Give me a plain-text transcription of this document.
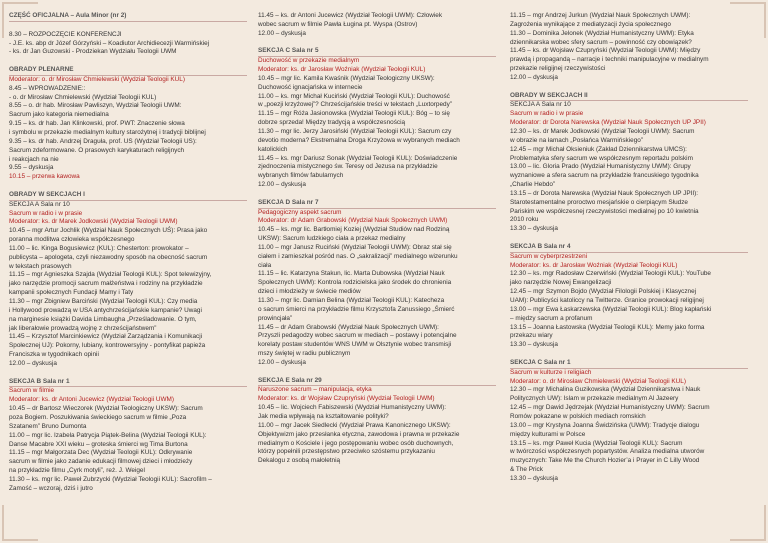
CZĘŚĆ OFICJALNA – Aula Minor (nr 2)
8.30 – ROZPOCZĘCIE KONFERENCJI
- J.E. ks. abp dr Józef Górzyński – Koadiutor Archidiecezji Warmińskiej
- ks. dr Jan Guzowski - Prodziekan Wydziału Teologii UWM
OBRADY PLENARNE
Moderator: o. dr Mirosław Chmielewski (Wydział Teologii KUL)
8.45 – WPROWADZENIE::
- o. dr Mirosław Chmielewski (Wydział Teologii KUL)
8.55 – o. dr hab. Mirosław Pawliszyn, Wydział Teologii UWM:
Sacrum jako kategoria niemedialna
9.15 – ks. dr hab. Jan Klinkowski, prof. PWT: Znaczenie słowa
i symbolu w przekazie medialnym kultury starożytnej i tradycji biblijnej
9.35 – ks. dr hab. Andrzej Draguła, prof. US (Wydział Teologii US):
Sacrum zdeformowane. O prasowych karykaturach religijnych
i reakcjach na nie
9.55 – dyskusja
10.15 – przerwa kawowa
OBRADY W SEKCJACH I
SEKCJA A Sala nr 10
Sacrum w radio i w prasie
Moderator: ks. dr Marek Jodkowski (Wydział Teologii UWM)
10.45 – mgr Artur Jochlik (Wydział Nauk Społecznych UŚ): Prasa jako
poranna modlitwa człowieka współczesnego
11.00 – lic. Kinga Bogusiewicz (KUL): Chesterton: prowokator –
publicysta – apologeta, czyli niezawodny sposób na obecność sacrum
w tekstach prasowych
11.15 – mgr Agnieszka Szajda (Wydział Teologii KUL): Spot telewizyjny,
jako narzędzie promocji sacrum małżeństwa i rodziny na przykładzie
kampanii społecznych Fundacji Mamy i Taty
11.30 – mgr Zbigniew Barciński (Wydział Teologii KUL): Czy media
i Hollywood prowadzą w USA antychrześcijańskie kampanie? Uwagi
na marginesie książki Davida Limbaugha „Prześladowanie. O tym,
jak liberałowie prowadzą wojnę z chrześcijaństwem”
11.45 – Krzysztof Marcinkiewicz (Wydział Zarządzania i Komunikacji
Społecznej UJ): Pokorny, lubiany, kontrowersyjny - pontyfikat papieża
Franciszka w tygodnikach opinii
12.00 – dyskusja
SEKCJA B Sala nr 1
Sacrum w filmie
Moderator: ks. dr Antoni Jucewicz (Wydział Teologii UWM)
10.45 – dr Bartosz Wieczorek (Wydział Teologiczny UKSW): Sacrum
poza Bogiem. Poszukiwania świeckiego sacrum w filmie „Poza
Szatanem” Bruno Dumonta
11.00 – mgr lic. Izabela Patrycja Piątek-Belina (Wydział Teologii KUL):
Danse Macabre XXI wieku – groteska śmierci wg Tima Burtona
11.15 – mgr Małgorzata Dec (Wydział Teologii KUL): Odkrywanie
sacrum w filmie jako zadanie edukacji filmowej dzieci i młodzieży
na przykładzie filmu „Cyrk motyli”, reż. J. Weigel
11.30 – ks. mgr lic. Paweł Zubrzycki (Wydział Teologii KUL): Sacrofilm –
Zamość – wczoraj, dziś i jutro
11.45 – ks. dr Antoni Jucewicz (Wydział Teologii UWM): Człowiek
wobec sacrum w filmie Pawła Ługina pt. Wyspa (Ostrov)
12.00 – dyskusja
SEKCJA C Sala nr 5
Duchowość w przekazie medialnym
Moderator: ks. dr Jarosław Woźniak (Wydział Teologii KUL)
10.45 – mgr lic. Kamila Kwaśnik (Wydział Teologiczny UKSW):
Duchowość ignacjańska w internecie
11.00 – ks. mgr Michał Kuciński (Wydział Teologii KUL): Duchowość
w „poezji krzyżowej”? Chrześcijańskie treści w tekstach „Luxtorpedy”
11.15 – mgr Róża Jasionowska (Wydział Teologii KUL): Bóg – to się
dobrze sprzeda! Między tradycją a współczesnością
11.30 – mgr lic. Jerzy Jarosiński (Wydział Teologii KUL): Sacrum czy
devotio moderna? Ekstremalna Droga Krzyżowa w wybranych mediach
katolickich
11.45 – ks. mgr Dariusz Sonak (Wydział Teologii KUL): Doświadczenie
zjednoczenia mistycznego św. Teresy od Jezusa na przykładzie
wybranych filmów fabularnych
12.00 – dyskusja
SEKCJA D Sala nr 7
Pedagogiczny aspekt sacrum
Moderator: dr Adam Grabowski (Wydział Nauk Społecznych UWM)
10.45 – ks. mgr lic. Bartłomiej Koziej (Wydział Studiów nad Rodziną
UKSW): Sacrum ludzkiego ciała a przekaz medialny
11.00 – mgr Janusz Ruciński (Wydział Teologii UWM): Obraz stał się
ciałem i zamieszkał pośród nas. O „sakralizacji” medialnego wizerunku
ciała
11.15 – lic. Katarzyna Stakun, lic. Marta Dubowska (Wydział Nauk
Społecznych UWM): Kontrola rodzicielska jako środek do chronienia
dzieci i młodzieży w świecie mediów
11.30 – mgr lic. Damian Belina (Wydział Teologii KUL): Katecheza
o sacrum śmierci na przykładzie filmu Krzysztofa Zanussiego „Śmierć
prowincjała”
11.45 – dr Adam Grabowski (Wydział Nauk Społecznych UWM):
Przyszli pedagodzy wobec sacrum w mediach – postawy i potencjalne
korelaty postaw studentów WNS UWM w Olsztynie wobec transmisji
mszy świętej w radiu publicznym
12.00 – dyskusja
SEKCJA E Sala nr 29
Naruszone sacrum – manipulacja, etyka
Moderator: ks. dr Wojsław Czupryński (Wydział Teologii UWM)
10.45 – lic. Wojciech Fabiszewski (Wydział Humanistyczny UWM):
Jak media wpływają na kształtowanie polityki?
11.00 – mgr Jacek Siedlecki (Wydział Prawa Kanonicznego UKSW):
Objektywizm jako przesłanka etyczna, zawodowa i prawna w przekazie
medialnym o Kościele i jego postępowaniu wobec osób duchownych,
którzy popełnili przestępstwo przeciwko szóstemu przykazaniu
Dekalogu z osobą małoletnią
11.15 – mgr Andrzej Jurkun (Wydział Nauk Społecznych UWM):
Zagrożenia wynikające z mediatyzacji życia społecznego
11.30 – Dominika Jelonek (Wydział Humanistyczny UWM): Etyka
dziennikarska wobec sfery sacrum – powinność czy obowiązek?
11.45 – ks. dr Wojsław Czupryński (Wydział Teologii UWM): Między
prawdą i propagandą – narracje i techniki manipulacyjne w medialnym
przekazie religijnej rzeczywistości
12.00 – dyskusja
OBRADY W SEKCJACH II
SEKCJA A Sala nr 10
Sacrum w radio i w prasie
Moderator: dr Dorota Narewska (Wydział Nauk Społecznych UP JPII)
12.30 – ks. dr Marek Jodkowski (Wydział Teologii UWM): Sacrum
w obrazie na łamach „Posłańca Warmińskiego”
12.45 – mgr Michał Oksieniuk (Zakład Dziennikarstwa UMCS):
Problematyka sfery sacrum we współczesnym reportażu polskim
13.00 – lic. Gloria Prado (Wydział Humanistyczny UWM): Grupy
wyznaniowe a sfera sacrum na przykładzie francuskiego tygodnika
„Charlie Hebdo”
13.15 – dr Dorota Narewska (Wydział Nauk Społecznych UP JPII):
Starotestamentalne proroctwo mesjańskie o cierpiącym Słudze
Pariskim we współczesnej rzeczywistości medialnej po 10 kwietnia
2010 roku
13.30 – dyskusja
SEKCJA B Sala nr 4
Sacrum w cyberprzestrzeni
Moderator: ks. dr Jarosław Woźniak (Wydział Teologii KUL)
12.30 – ks. mgr Radosław Czerwiński (Wydział Teologii KUL): YouTube
jako narzędzie Nowej Ewangelizacji
12.45 – mgr Szymon Bojdo (Wydział Filologii Polskiej i Klasycznej
UAM): Publicyści katoliccy na Twitterze. Granice prowokacji religijnej
13.00 – mgr Ewa Łaskarzewska (Wydział Teologii KUL): Blog kapłański
– między sacrum a profanum
13.15 – Joanna Łastowska (Wydział Teologii KUL): Memy jako forma
przekazu wiary
13.30 – dyskusja
SEKCJA C Sala nr 1
Sacrum w kulturze i religiach
Moderator: o. dr Mirosław Chmielewski (Wydział Teologii KUL)
12.30 – mgr Michalina Guzikowska (Wydział Dziennikarstwa i Nauk
Politycznych UW): Islam w przekazie medialnym Al Jazeery
12.45 – mgr Dawid Jędrzejak (Wydział Humanistyczny UWM): Sacrum
Romów pokazane w polskich mediach romskich
13.00 – mgr Krystyna Joanna Świdzińska (UWM): Tradycje dialogu
między kulturami w Polsce
13.15 – ks. mgr Paweł Kucia (Wydział Teologii KUL): Sacrum
w twórczości współczesnych popartystów. Analiza medialna utworów
muzycznych: Take Me the Church Hozier’a i Prayer in C Lilly Wood
& The Prick
13.30 – dyskusja
